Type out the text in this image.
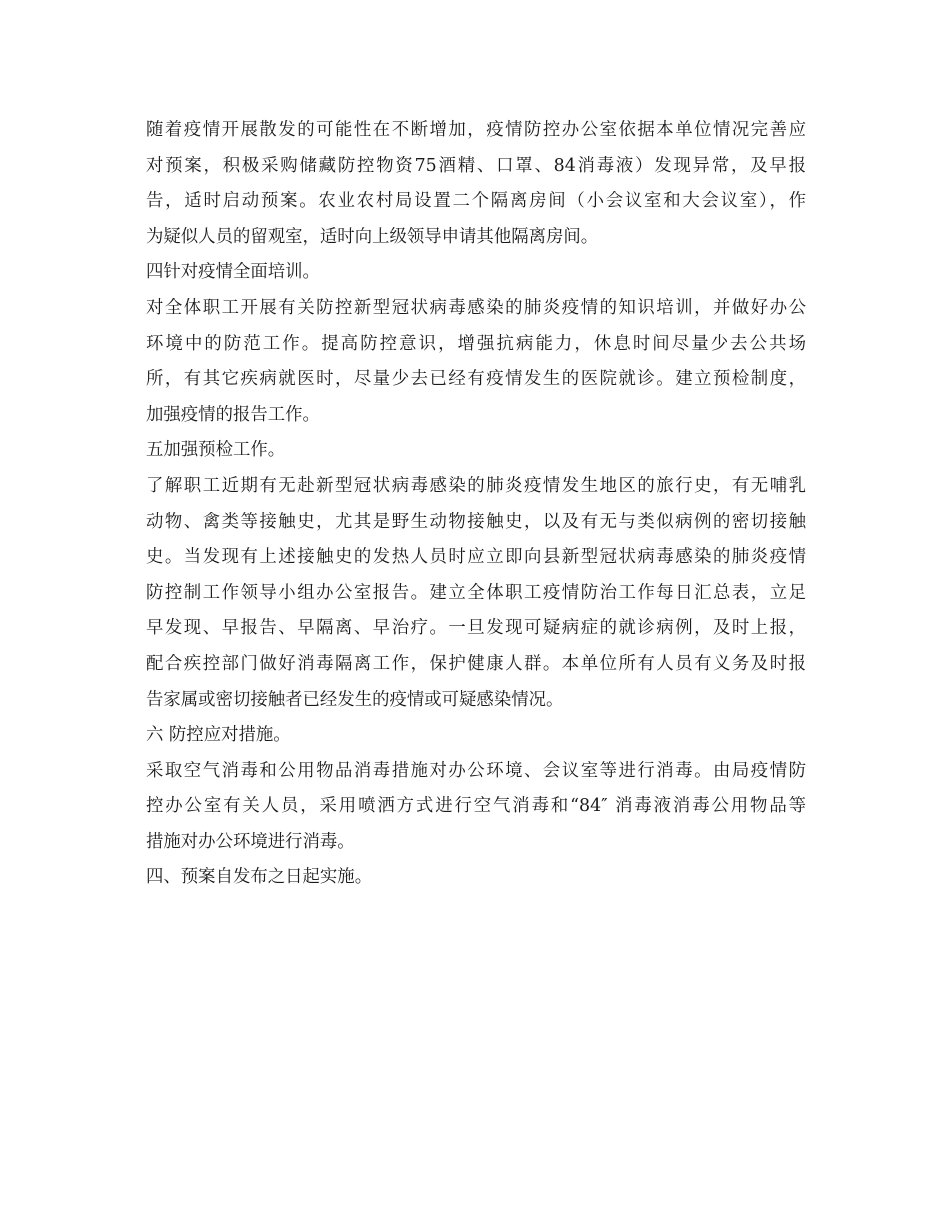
随着疫情开展散发的可能性在不断增加，疫情防控办公室依据本单位情况完善应
对预案，积极采购储藏防控物资75酒精、口罩、84消毒液）发现异常，及早报
告，适时启动预案。农业农村局设置二个隔离房间（小会议室和大会议室），作
为疑似人员的留观室，适时向上级领导申请其他隔离房间。
四针对疫情全面培训。
对全体职工开展有关防控新型冠状病毒感染的肺炎疫情的知识培训，并做好办公
环境中的防范工作。提高防控意识，增强抗病能力，休息时间尽量少去公共场
所，有其它疾病就医时，尽量少去已经有疫情发生的医院就诊。建立预检制度，
加强疫情的报告工作。
五加强预检工作。
了解职工近期有无赴新型冠状病毒感染的肺炎疫情发生地区的旅行史，有无哺乳
动物、禽类等接触史，尤其是野生动物接触史，以及有无与类似病例的密切接触
史。当发现有上述接触史的发热人员时应立即向县新型冠状病毒感染的肺炎疫情
防控制工作领导小组办公室报告。建立全体职工疫情防治工作每日汇总表，立足
早发现、早报告、早隔离、早治疗。一旦发现可疑病症的就诊病例，及时上报，
配合疾控部门做好消毒隔离工作，保护健康人群。本单位所有人员有义务及时报
告家属或密切接触者已经发生的疫情或可疑感染情况。
六 防控应对措施。
采取空气消毒和公用物品消毒措施对办公环境、会议室等进行消毒。由局疫情防
控办公室有关人员，采用喷洒方式进行空气消毒和“84″ 消毒液消毒公用物品等
措施对办公环境进行消毒。
四、预案自发布之日起实施。
